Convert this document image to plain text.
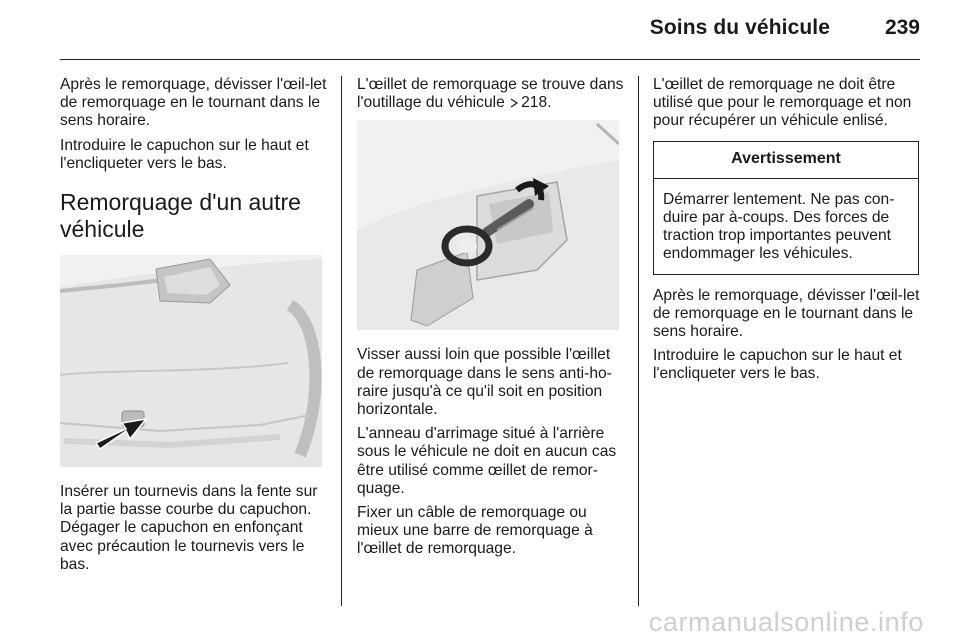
Soins du véhicule	239

Après le remorquage, dévisser l'œil-let de remorquage en le tournant dans le sens horaire.

Introduire le capuchon sur le haut et l'encliqueter vers le bas.

Remorquage d'un autre véhicule

Insérer un tournevis dans la fente sur la partie basse courbe du capuchon. Dégager le capuchon en enfonçant avec précaution le tournevis vers le bas.

L'œillet de remorquage se trouve dans l'outillage du véhicule 218.

Visser aussi loin que possible l'œillet de remorquage dans le sens anti-ho-raire jusqu'à ce qu'il soit en position horizontale.

L'anneau d'arrimage situé à l'arrière sous le véhicule ne doit en aucun cas être utilisé comme œillet de remor-quage.

Fixer un câble de remorquage ou mieux une barre de remorquage à l'œillet de remorquage.

L'œillet de remorquage ne doit être utilisé que pour le remorquage et non pour récupérer un véhicule enlisé.

Avertissement
Démarrer lentement. Ne pas con-duire par à-coups. Des forces de traction trop importantes peuvent endommager les véhicules.

Après le remorquage, dévisser l'œil-let de remorquage en le tournant dans le sens horaire.

Introduire le capuchon sur le haut et l'encliqueter vers le bas.

carmanualsonline.info
